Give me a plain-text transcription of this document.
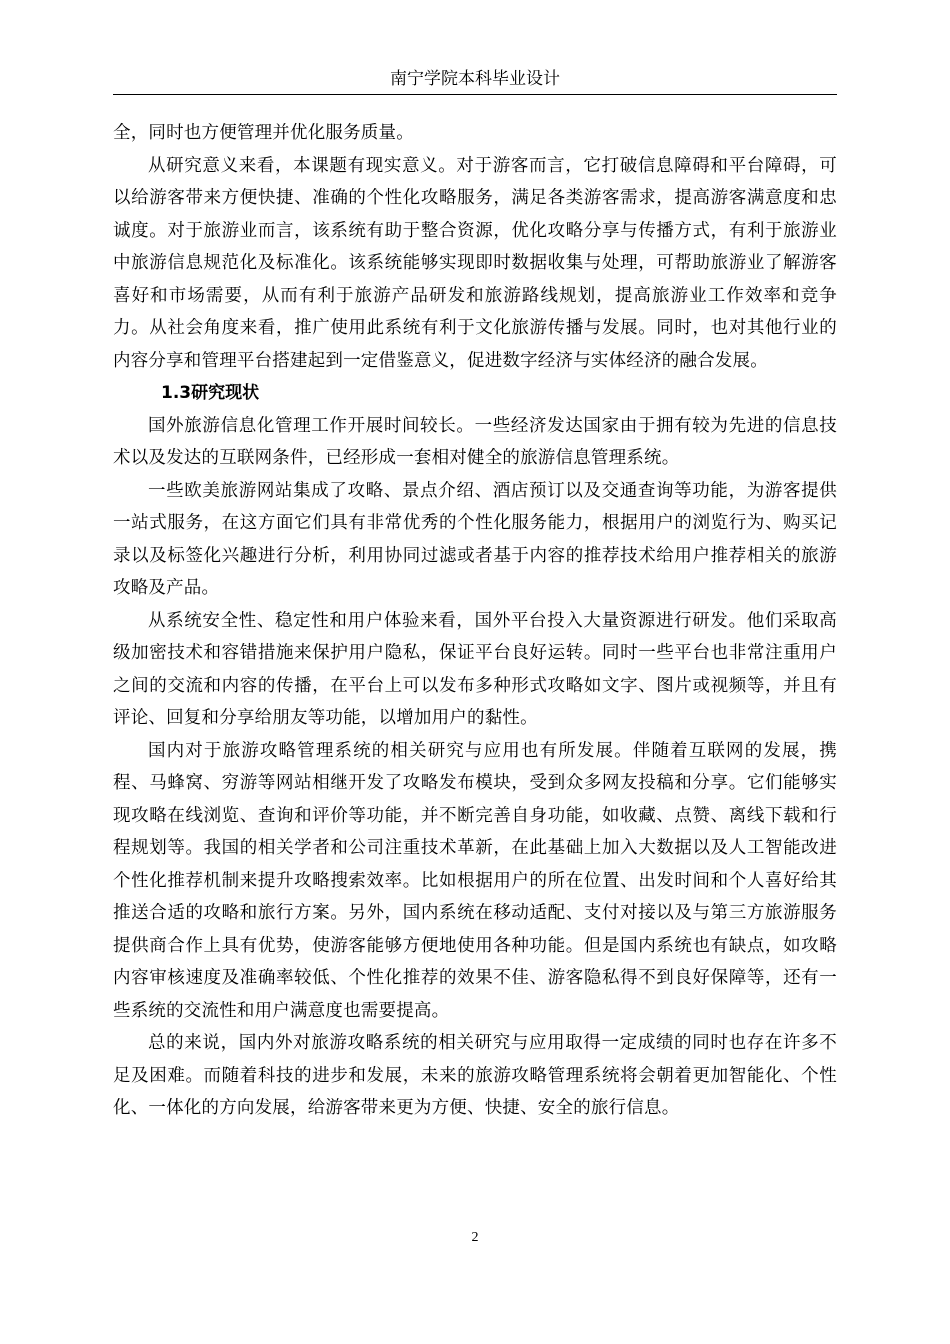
南宁学院本科毕业设计

全，同时也方便管理并优化服务质量。

从研究意义来看，本课题有现实意义。对于游客而言，它打破信息障碍和平台障碍，可以给游客带来方便快捷、准确的个性化攻略服务，满足各类游客需求，提高游客满意度和忠诚度。对于旅游业而言，该系统有助于整合资源，优化攻略分享与传播方式，有利于旅游业中旅游信息规范化及标准化。该系统能够实现即时数据收集与处理，可帮助旅游业了解游客喜好和市场需要，从而有利于旅游产品研发和旅游路线规划，提高旅游业工作效率和竞争力。从社会角度来看，推广使用此系统有利于文化旅游传播与发展。同时，也对其他行业的内容分享和管理平台搭建起到一定借鉴意义，促进数字经济与实体经济的融合发展。

1.3研究现状

国外旅游信息化管理工作开展时间较长。一些经济发达国家由于拥有较为先进的信息技术以及发达的互联网条件，已经形成一套相对健全的旅游信息管理系统。

一些欧美旅游网站集成了攻略、景点介绍、酒店预订以及交通查询等功能，为游客提供一站式服务，在这方面它们具有非常优秀的个性化服务能力，根据用户的浏览行为、购买记录以及标签化兴趣进行分析，利用协同过滤或者基于内容的推荐技术给用户推荐相关的旅游攻略及产品。

从系统安全性、稳定性和用户体验来看，国外平台投入大量资源进行研发。他们采取高级加密技术和容错措施来保护用户隐私，保证平台良好运转。同时一些平台也非常注重用户之间的交流和内容的传播，在平台上可以发布多种形式攻略如文字、图片或视频等，并且有评论、回复和分享给朋友等功能，以增加用户的黏性。

国内对于旅游攻略管理系统的相关研究与应用也有所发展。伴随着互联网的发展，携程、马蜂窝、穷游等网站相继开发了攻略发布模块，受到众多网友投稿和分享。它们能够实现攻略在线浏览、查询和评价等功能，并不断完善自身功能，如收藏、点赞、离线下载和行程规划等。我国的相关学者和公司注重技术革新，在此基础上加入大数据以及人工智能改进个性化推荐机制来提升攻略搜索效率。比如根据用户的所在位置、出发时间和个人喜好给其推送合适的攻略和旅行方案。另外，国内系统在移动适配、支付对接以及与第三方旅游服务提供商合作上具有优势，使游客能够方便地使用各种功能。但是国内系统也有缺点，如攻略内容审核速度及准确率较低、个性化推荐的效果不佳、游客隐私得不到良好保障等，还有一些系统的交流性和用户满意度也需要提高。

总的来说，国内外对旅游攻略系统的相关研究与应用取得一定成绩的同时也存在许多不足及困难。而随着科技的进步和发展，未来的旅游攻略管理系统将会朝着更加智能化、个性化、一体化的方向发展，给游客带来更为方便、快捷、安全的旅行信息。

2
